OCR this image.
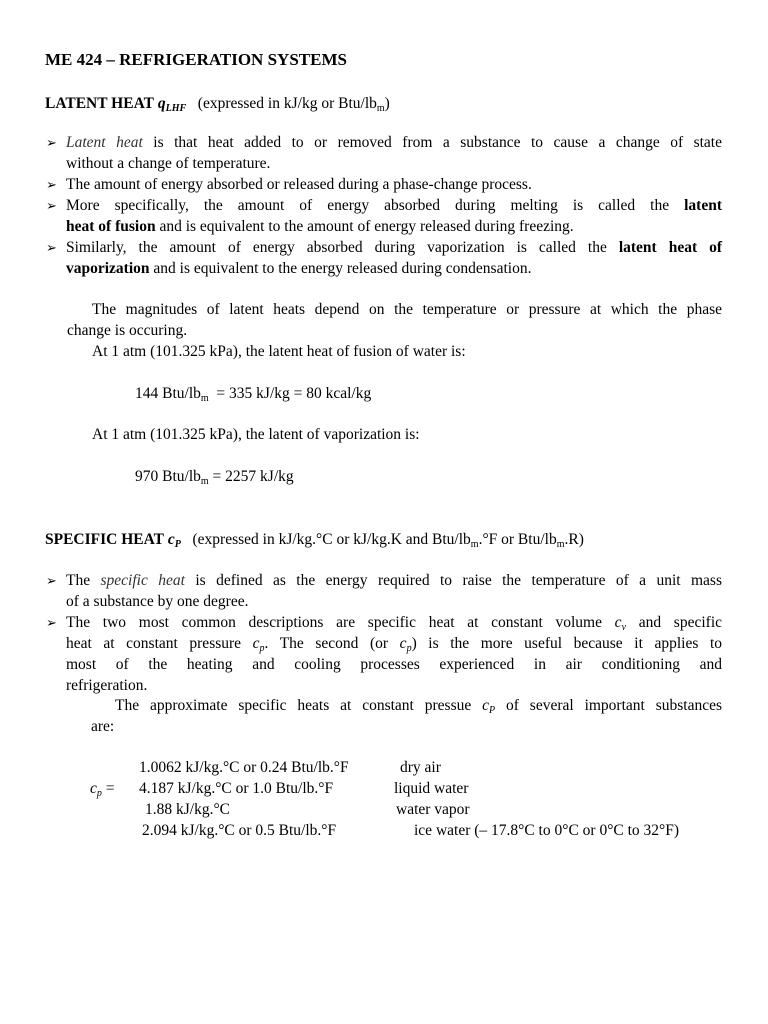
ME 424 – REFRIGERATION SYSTEMS
LATENT HEAT $q_{LHF}$ (expressed in kJ/kg or Btu/$lb_m$)
➢ Latent heat is that heat added to or removed from a substance to cause a change of state
without a change of temperature.
➢ The amount of energy absorbed or released during a phase-change process.
➢ More specifically, the amount of energy absorbed during melting is called the latent
heat of fusion and is equivalent to the amount of energy released during freezing.
➢ Similarly, the amount of energy absorbed during vaporization is called the latent heat of
vaporization and is equivalent to the energy released during condensation.
The magnitudes of latent heats depend on the temperature or pressure at which the phase
change is occuring.
At 1 atm (101.325 kPa), the latent heat of fusion of water is:
144 Btu/$lb_m = 335$ kJ/kg = 80 kcal/kg
At 1 atm (101.325 kPa), the latent of vaporization is:
970 Btu/$lb_m = 2257$ kJ/kg
SPECIFIC HEAT $c_P$ (expressed in kJ/kg.°C or kJ/kg.K and Btu/$lb_m.^\circ F$ or Btu/$lb_m.R$)
➢ The specific heat is defined as the energy required to raise the temperature of a unit mass
of a substance by one degree.
➢ The two most common descriptions are specific heat at constant volume $c_v$ and specific
heat at constant pressure $c_p$. The second (or $c_p$) is the more useful because it applies to
most of the heating and cooling processes experienced in air conditioning and
refrigeration.
The approximate specific heats at constant pressue $c_P$ of several important substances
are:
$c_p$ =
1.0062 kJ/kg.°C or 0.24 Btu/lb.°F	dry air
4.187 kJ/kg.°C or 1.0 Btu/lb.°F	liquid water
1.88 kJ/kg.°C	water vapor
2.094 kJ/kg.°C or 0.5 Btu/lb.°F	ice water (– 17.8°C to 0°C or 0°C to 32°F)
